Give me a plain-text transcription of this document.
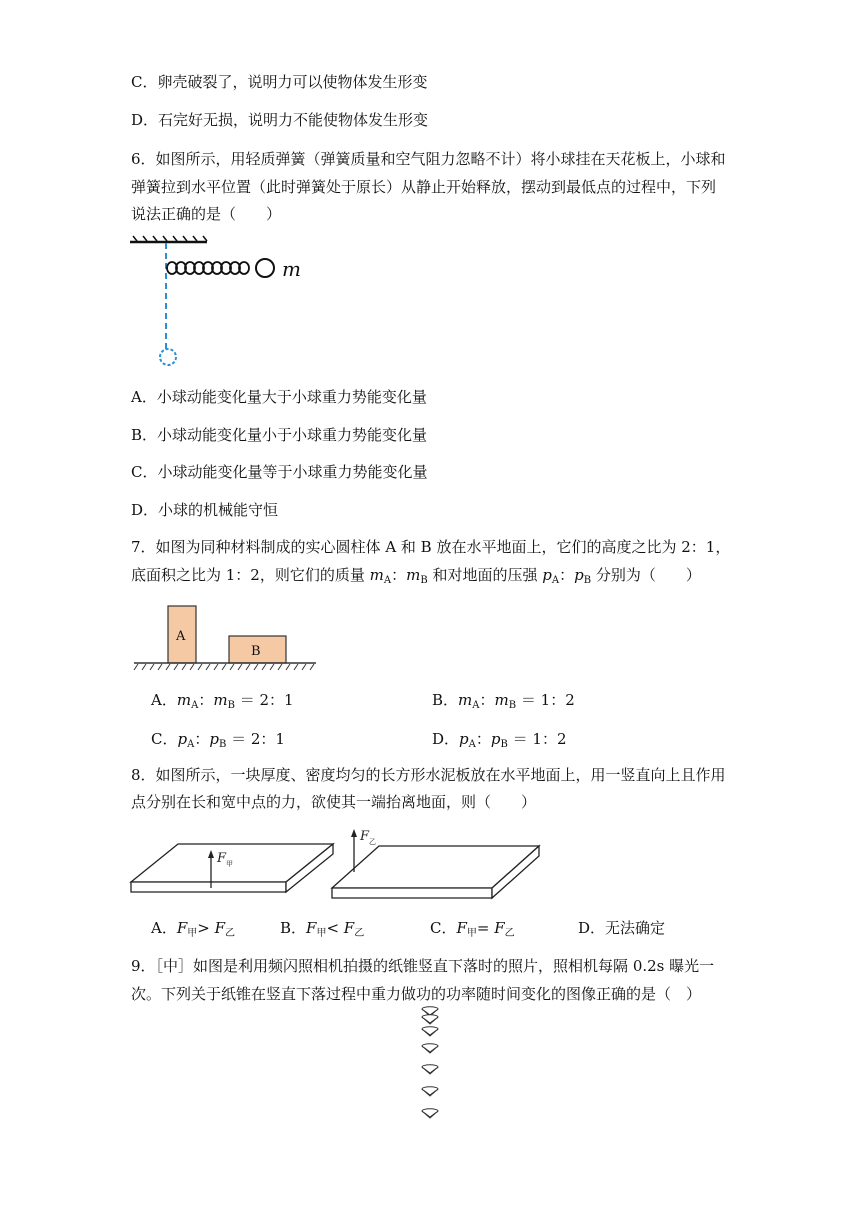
C．卵壳破裂了，说明力可以使物体发生形变
D．石完好无损，说明力不能使物体发生形变
6．如图所示，用轻质弹簧（弹簧质量和空气阻力忽略不计）将小球挂在天花板上，小球和
弹簧拉到水平位置（此时弹簧处于原长）从静止开始释放，摆动到最低点的过程中，下列
说法正确的是（　　）
m
A．小球动能变化量大于小球重力势能变化量
B．小球动能变化量小于小球重力势能变化量
C．小球动能变化量等于小球重力势能变化量
D．小球的机械能守恒
7．如图为同种材料制成的实心圆柱体 A 和 B 放在水平地面上，它们的高度之比为 2：1，
底面积之比为 1：2，则它们的质量 $m_A$：$m_B$ 和对地面的压强 $p_A$：$p_B$ 分别为（　　）
A
B
A．$m_A$：$m_B = 2$：1	B．$m_A$：$m_B = 1$：2
C．$p_A$：$p_B = 2$：1	D．$p_A$：$p_B = 1$：2
8．如图所示，一块厚度、密度均匀的长方形水泥板放在水平地面上，用一竖直向上且作用
点分别在长和宽中点的力，欲使其一端抬离地面，则（　　）
F 甲
F 乙
A．$F_甲> F_乙$	B．$F_甲< F_乙$	C．$F_甲= F_乙$	D．无法确定
9．［中］如图是利用频闪照相机拍摄的纸锥竖直下落时的照片，照相机每隔 0.2s 曝光一
次。下列关于纸锥在竖直下落过程中重力做功的功率随时间变化的图像正确的是（　）
